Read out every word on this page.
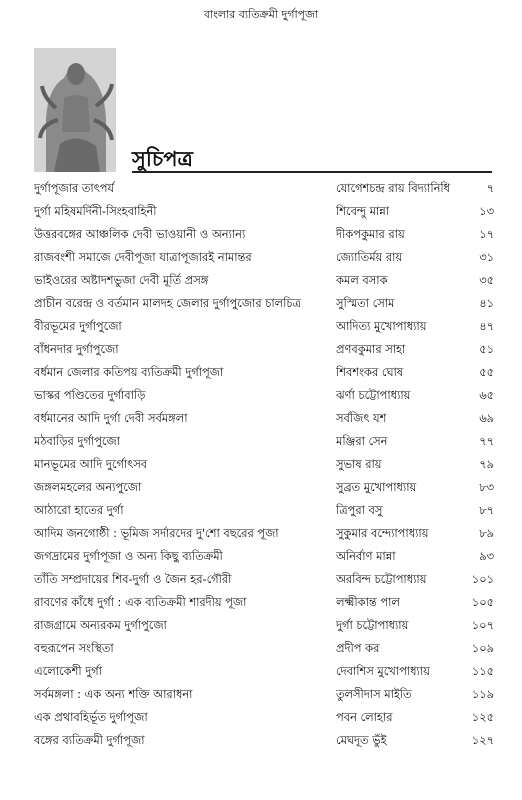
বাংলার ব্যতিক্রমী দুর্গাপূজা
সুচিপত্র
দুর্গাপূজার তাৎপর্য	যোগেশচন্দ্র রায় বিদ্যানিধি	৭
দুর্গা মহিষমর্দিনী-সিংহবাহিনী	শিবেন্দু মান্না	১৩
উত্তরবঙ্গের আঞ্চলিক দেবী ভাওয়ানী ও অন্যান্য	দীকপকুমার রায়	১৭
রাজবংশী সমাজে দেবীপূজা যাত্রাপূজারই নামান্তর	জ্যোতির্ময় রায়	৩১
ভাইওরের অষ্টাদশভুজা দেবী মূর্তি প্রসঙ্গ	কমল বসাক	৩৫
প্রাচীন বরেন্দ্র ও বর্তমান মালদহ জেলার দুর্গাপুজোর চালচিত্র	সুস্মিতা সোম	৪১
বীরভূমের দুর্গাপুজো	আদিত্য মুখোপাধ্যায়	৪৭
বাঁধনদার দুর্গাপুজো	প্রণবকুমার সাহা	৫১
বর্ধমান জেলার কতিপয় ব্যতিক্রমী দুর্গাপূজা	শিবশংকর ঘোষ	৫৫
ভাস্কর পণ্ডিতের দুর্গাবাড়ি	ঝর্ণা চট্টোপাধ্যায়	৬৫
বর্ধমানের আদি দুর্গা দেবী সর্বমঙ্গলা	সর্বজিৎ যশ	৬৯
মঠবাড়ির দুর্গাপুজো	মঞ্জিরা সেন	৭৭
মানভূমের আদি দুর্গোৎসব	সুভাষ রায়	৭৯
জঙ্গলমহলের অন্যপুজো	সুব্রত মুখোপাধ্যায়	৮৩
আঠারো হাতের দুর্গা	ত্রিপুরা বসু	৮৭
আদিম জনগোষ্ঠী : ভূমিজ সর্দারদের দু'শো বছরের পূজা	সুকুমার বন্দ্যোপাধ্যায়	৮৯
জগদ্রামের দুর্গাপূজা ও অন্য কিছু ব্যতিক্রমী	অনির্বাণ মান্না	৯৩
তাঁতি সম্প্রদায়ের শিব-দুর্গা ও জৈন হর-গৌরী	অরবিন্দ চট্টোপাধ্যায়	১০১
রাবণের কাঁধে দুর্গা : এক ব্যতিক্রমী শারদীয় পূজা	লক্ষ্মীকান্ত পাল	১০৫
রাজগ্রামে অন্যরকম দুর্গাপুজো	দুর্গা চট্টোপাধ্যায়	১০৭
বহুরূপেন সংস্থিতা	প্রদীপ কর	১০৯
এলোকেশী দুর্গা	দেবাশিস মুখোপাধ্যায়	১১৫
সর্বমঙ্গলা : এক অন্য শক্তি আরাধনা	তুলসীদাস মাইতি	১১৯
এক প্রথাবহির্ভূত দুর্গাপূজা	পবন লোহার	১২৫
বঙ্গের ব্যতিক্রমী দুর্গাপূজা	মেঘদূত ভুঁই	১২৭
